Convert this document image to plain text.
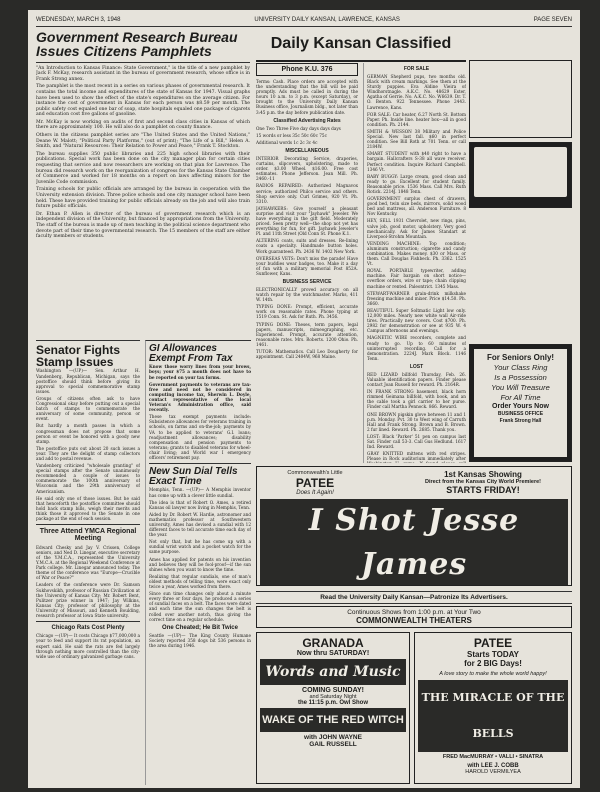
WEDNESDAY, MARCH 3, 1948	UNIVERSITY DAILY KANSAN, LAWRENCE, KANSAS	PAGE SEVEN
Government Research Bureau Issues Citizens Pamphlets

"An Introduction to Kansas Finance: State Government," is the title of a new pamphlet by Jack F. McKay, research assistant in the bureau of government research, whose office is in Frank Strong annex.

The pamphlet is the most recent in a series on various phases of governmental research. It contains the total income and expenditures of the state of Kansas for 1947. Visual graphs have been used to show the effect of the state's expenditures on the average citizen. For instance the cost of government in Kansas for each person was $8.59 per month. The public safety cost equaled one bar of soap, state hospitals equaled one package of cigarets and education cost five gallons of gasoline.

Mr. McKay is now working on audits of first and second class cities in Kansas of which there are approximately 100. He will also do a pamphlet on county finance.

Others in the citizens pamphlet series are "The United States and the United Nations," Deane W. Malott; "Political Party Platforms," (out of print); "The Life of a Bill," Helen A. Smith, and "Natural Resources: Their Relation to Power and Peace," Frank T. Stockton.

The bureau supplies 350 public libraries and 225 high school libraries with their publications. Special work has been done on the city manager plan for certain cities requesting that service and now researchers are working on that plan for Lawrence. The bureau did research work on the reorganization of congress for the Kansas State Chamber of Commerce and worked for 18 months on a report on laws affecting minors for the Juvenile Code commission.

Training schools for public officials are arranged by the bureau in cooperation with the University extension division. Three police schools and one city manager school have been held. These have provided training for public officials already on the job and will also train future public officials.

Dr. Ethan P. Allen is director of the bureau of government research which is an independent division of the University, but financed by appropriations from the University. The staff of the bureau is made up of men teaching in the political science department who devote part of their time to governmental research. The 15 members of the staff are either faculty members or students.

Senator Fights Stamp Issues

Washington —(UP)— Sen. Arthur H. Vandenberg, Republican, Michigan, says the postoffice should think before giving its approval to special commemorative stamp issues.

Groups of citizens often ask to have Congressional okay before putting out a special batch of stamps to commemorate the anniversary of some community, person or event.

But hardly a month passes in which a congressman does not propose that some person or event be honored with a goody new stamp.

The postoffice puts out about 20 such issues a year. They are the delight of stamp collectors and add to postal revenue.

Vandenberg criticized "wholesale granting" of special stamps after the Senate unanimously recommended a couple of issues to commemorate the 100th anniversary of Wisconsin and the 29th anniversary of Americanism.

He said only one of those issues. But he said that henceforth the postoffice committee should hold back stamp bills, weigh their merits and think those it approved to the Senate in one package at the end of each session.

Three Attend YMCA Regional Meeting

Edward Chesky and Jay V. Crissen, College seniors, and Ned D. Linegar, executive secretary of the Y.M.C.A., represented the University Y.M.C.A. at the Regional Weekend Conference at Park college. Mr. Linegar announced today. The theme of the conference was "Europe—Crucible of War or Peace?"

Leaders of the conference were Dr. Samson Sukhovskikh, professor of Russian Civilization at the University of Kansas City; Mr. Robert Bent, Pulitzer prize winner in 1947; Jay Wilkins, Kansas City; professor of philosophy at the University of Missouri, and Kenneth Boulding, research professor at Iowa State university.

Chicago Rats Cost Plenty

Chicago —(UP)— It costs Chicago $77,000,000 a year to feed and support its rat population, an expert said. He said the rats are fed largely through nothing more controlled than the city-wide use of ordinary galvanized garbage cans.

GI Allowances Exempt From Tax

Know those worry lines from your brows, boys; your $75 a month does not have to be reported on your tax forms.

Government payments to veterans are tax-free and need not be considered in computing income tax, Sherwin L. Doyle, contact representative of the local Veteran's Administration office, said recently.

These tax exempt payments include: Subsistence allowances for veterans training in schools, on farms and on-the-job; payments by VA to be applied to veterans' G.I. loans; readjustment allowances; disability compensation and pension payments to veterans; grants to disabled veterans for wheel-chair living; and World war I emergency officers' retirement pay.

New Sun Dial Tells Exact Time

Memphis, Tenn. —(UP)— A Memphis inventor has come up with a clever little sundial.

The idea is that of Robert O. Ames, a retired Kansas oil lawyer now living in Memphis, Tenn.

Aided by Dr. Robert W. Hardie, astronomer and mathematics professor at Southwestern university, Ames has devised a sundial with 12 different faces to tell accurate time each day of the year.

Not only that, but he has come up with a sundial wrist watch and a pocket watch for the same purpose.

Ames has applied for patents on his invention and believes they will be fool-proof—if the sun shines when you want to know the time.

Realizing that regular sundials, one of man's oldest methods of telling time, were exact only twice a year, Ames worked from there.

Since sun time changes only about a minute every three or four days, he produced a series of sundial faces on a belt. The faces were dated and each time the sun changes the belt is rolled over another notch, thus giving the correct time on a regular schedule.

One Cheated; He Bit Twice

Seattle —(UP)— The King County Humane Society reported 358 dogs bit 536 persons in the area during 1946.

Daily Kansan Classified
Phone K.U. 376

Terms: Cash. Place orders are accepted with the understanding that the bill will be paid promptly. Ads must be called in during the hours 10 a.m. to 3 p.m. (except Saturday), or brought to the University Daily Kansan Business office, Journalism bldg., not later than 3:45 p.m. the day before publication date.

Classified Advertising Rates

One Two Three Five day days days days

15 words or less 35c 50c 60c 75c

Additional words 1c 2c 3c 4c

MISCELLANEOUS

INTERIOR Decorating Service, draperies, curtains, slipcovers, upholstering, made to order. $3.00 Wheel. $16.00. Free cost estimates. Phone Jefferson. Jean Mill. Ph. 2460.-11

RADIOS REPAIRED: Authorized Magnavox service; authorized Philco service and others. Shop service only. Curl Grimes, 920 Vt. Ph. 3310.

JAYHAWKERS: Give yourself a pleasant surprise and visit your "Jayhawk" Jeweler. We have everything in the gift field. Moderately priced. Seen pretty well—the shop not yet has everything for fun, for gift. Jayhawk Jeweler's Pl. and 11th Street (Old Conn St. Phone K.1.

ALTERING coats, suits and dresses. Re-lining coats a specialty. Handmade button holes. Work guaranteed. Ph. 2436 W. 1402 New York.

OVERSEAS VETS: Don't miss the parade! Have your buddies wear badges, too. Make it a day of fun with a military memorial Post 852A. Sunflower, Kans.

BUSINESS SERVICE

ELECTRONICALLY proved accuracy on all watch repair by the watchmaster. Marks, 411 W. 14th.

TYPING DONE: Prompt, efficient, accurate work on reasonable rates. Phone typing at 1519 Conn. St. Ask for Ruth. Ph. 3456.

TYPING DONE: Theses, term papers, legal papers, manuscripts, mimeographing, etc. Experienced. Prompt, accurate attention, reasonable rates. Mrs. Roberts. 1200 Ohio. Ph. 1461.

TUTOR: Mathematics. Call Leo Dougherty for appointment. Call 2404W, 968 Maine.

FOR SALE

GERMAN Shepherd pups, two months old. Black with cream markings. See them at the Sturdy puppies. Eva Aldine Vieira of Windhorstnagle. A.K.C. No. 48629 Ester, Agatha of Gerrie. No. A.K.C. No. W6639. Dr. T. O. Benton. 922 Tennessee. Phone 2443. Lawrence, Kans.

FOR SALE: Car heater, 6.27 North St. Bottom Paper. Ph. Inside line. heater box—all in good condition. Ph. 2144.

SMITH & WESSON 38 Military and Police Special. New last fall. $60 in perfect condition. See Bill Roth at 701 Tenn. or call 2184W.

SMART STUDENT with $40 right to have a bargain. Hallcrafters S-38 all wave receiver. Perfect condition. Inquire Richard Campbell. 1346 Vt.

BABY BUGGY: Large cream, good clean and ready to go. Excellent for student family. Reasonable price. 1536 Mass. Call Mrs. Ruth Rotick. 2214J. 1848 Tenn.

GOVERNMENT surplus chest of drawers, good bed, twin size beds, mirrors, solid wood bed and mattress, all. Anderson Furniture. 8 Nov Kentucky.

HEY, SELL 1931 Chevrolet, new rings, pins, valve job, good motor, upholstery. Very good mechanically. Ask for James Standart at Liverpool-Strohm Mountain.

VENDING MACHINE: Top condition; aluminum construction; cigarette and candy combination. Makes money. $30 or Mass. or them. Call Douglas Fishbeck. Ph. 3362. 1525 Vt.

ROYAL PORTABLE typewriter, adding machine. Fair bargain on short notice—overflow orders, wire or tape; chain clipping machine or rented. Paleontrict. 1345 Mass.

STEWART-WARNER grain-drink milkshake freezing machine and mixer. Price $14.50. Ph. 3660.

BEAUTIFUL Super Soltmatic Light low only. 12,000 miles. Nearly new white wall Air-ride tires. Practically new covers. Cost $700. Ph. 2982 for demonstration or see at 935 W. 4 Campus afternoons and evenings.

MAGNETIC WIRE recorders, complete and ready to go. Up to 60 minutes of uninterrupted recording. Call for a demonstration. 2224J. Mark Block. 1146 Tenn.

LOST

RED LIZARD billfold Thursday, Feb. 26. Valuable identification papers. Finder please contact Joan Russell for reward. Ph. 2164R.

IN FRANK STRONG basement, black horn rimmed Geimana billfold, with book, and an the cable took a girl carrier to her purse. Finder call Martha Pennock. 866. Reward.

ONE BROWN pigskin glove between 11 and 1 p.m. Monday. Pvt. 30 to West wing of Carruth Hall and Frank Strong. Brown and B. Brown. 2 fur lined. Reward. Ph. 2685. Thank you.

LOST: Black 'Parker' 51 pen on campus last Sat. Finder call 53-3. Call Gus Hedlund. 1617 Ind. Reward.

GRAY KNITTED mittens with red stripes. Please in Rock auditorium immediately after

For Seniors Only!
Your Class Ring
Is a Possession
You Will Treasure
For All Time
Order Yours Now
BUSINESS OFFICE
Frank Strong Hall

Commonwealth's Little
PATEE
Does It Again!
1st Kansas Showing
Direct from the Kansas City World Premiere!
STARTS FRIDAY!
I Shot Jesse James
Read the University Daily Kansan—Patronize Its Advertisers.
Continuous Shows from 1:00 p.m. at Your Two
COMMONWEALTH THEATERS
GRANADA
Now thru SATURDAY!
Words and Music
COMING SUNDAY!
and Saturday Night
the 11:15 p.m. Owl Show
WAKE OF THE RED WITCH
with JOHN WAYNE
GAIL RUSSELL
PATEE
Starts TODAY
for 2 BIG Days!
A love story to make the whole world happy!
THE MIRACLE OF THE BELLS
FRED MacMURRAY • VALLI • SINATRA
with LEE J. COBB
HAROLD VERMILYEA
